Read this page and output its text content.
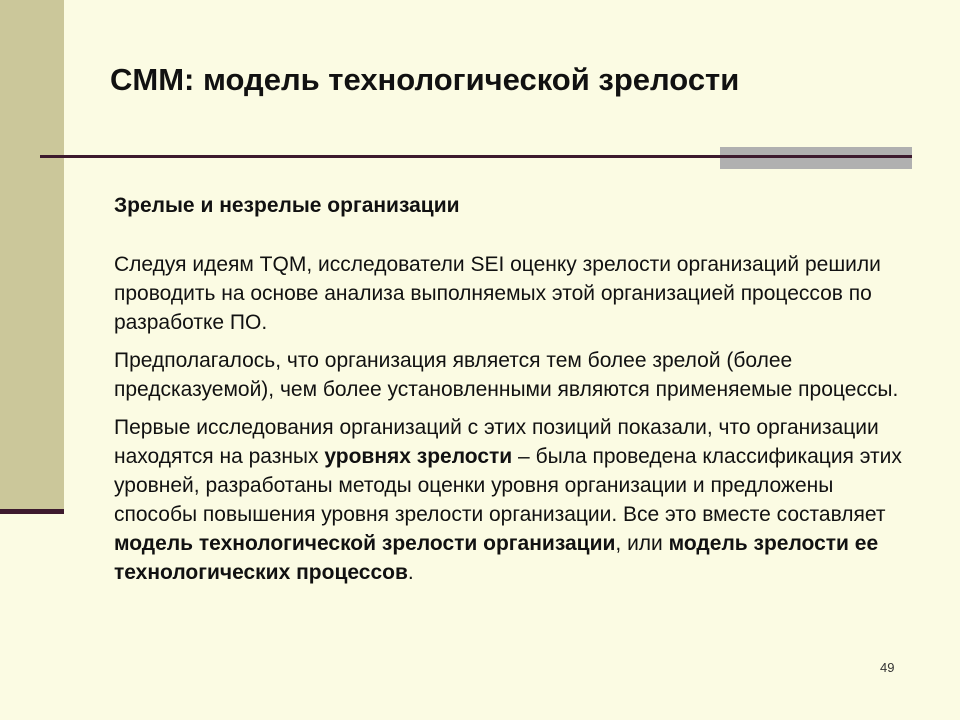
CMM: модель технологической зрелости
Зрелые и незрелые организации

Следуя идеям TQM, исследователи SEI оценку зрелости организаций решили проводить на основе анализа выполняемых этой организацией процессов по разработке ПО.

Предполагалось, что организация является тем более зрелой (более предсказуемой), чем более установленными являются применяемые процессы.

Первые исследования организаций с этих позиций показали, что организации находятся на разных уровнях зрелости – была проведена классификация этих уровней, разработаны методы оценки уровня организации и предложены способы повышения уровня зрелости организации. Все это вместе составляет модель технологической зрелости организации, или модель зрелости ее технологических процессов.

49
